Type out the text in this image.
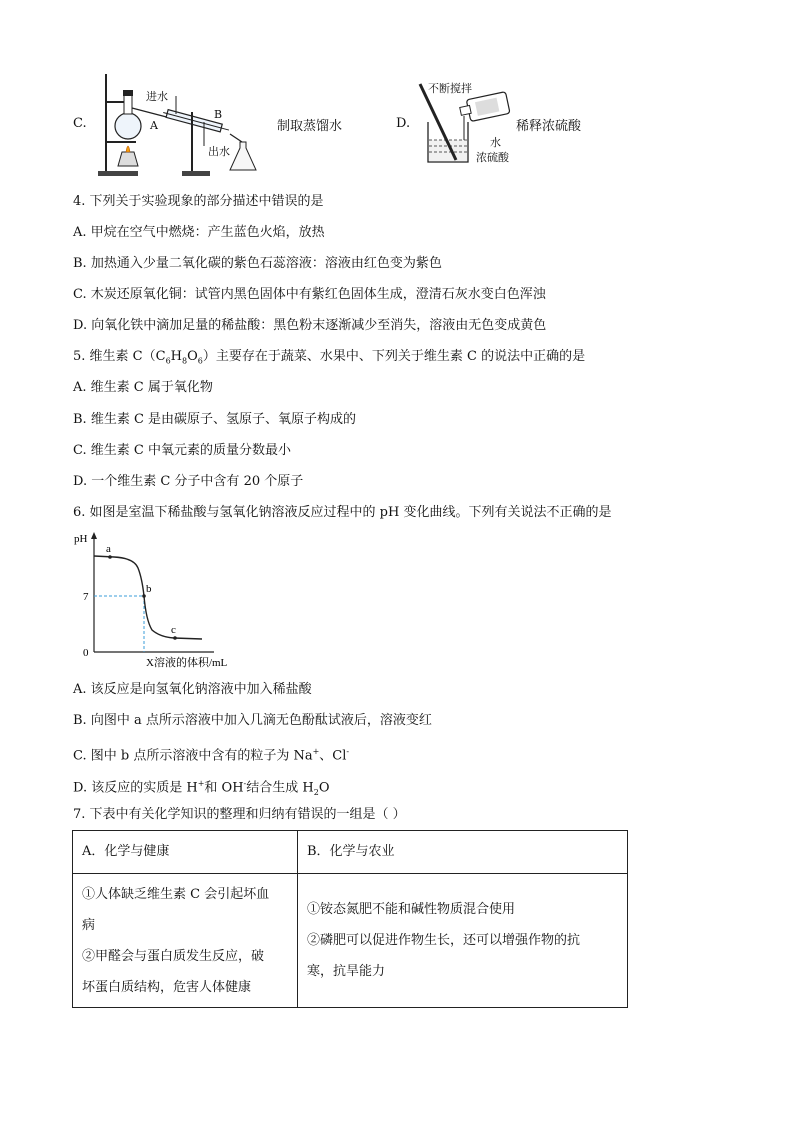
C.
进水
A
B
出水
制取蒸馏水	D.
不断搅拌
水
浓硫酸
稀释浓硫酸
4. 下列关于实验现象的部分描述中错误的是
A. 甲烷在空气中燃烧：产生蓝色火焰，放热
B. 加热通入少量二氧化碳的紫色石蕊溶液：溶液由红色变为紫色
C. 木炭还原氧化铜：试管内黑色固体中有紫红色固体生成，澄清石灰水变白色浑浊
D. 向氧化铁中滴加足量的稀盐酸：黑色粉末逐渐减少至消失，溶液由无色变成黄色
5. 维生素 $C(C_6H_8O_6)$主要存在于蔬菜、水果中、下列关于维生素 C 的说法中正确的是
A. 维生素 C 属于氧化物
B. 维生素 C 是由碳原子、氢原子、氧原子构成的
C. 维生素 C 中氧元素的质量分数最小
D. 一个维生素 C 分子中含有 20 个原子
6. 如图是室温下稀盐酸与氢氧化钠溶液反应过程中的 pH 变化曲线。下列有关说法不正确的是
pH
7
0
a
b
c
X溶液的体积/mL
A. 该反应是向氢氧化钠溶液中加入稀盐酸
B. 向图中 a 点所示溶液中加入几滴无色酚酞试液后，溶液变红
C. 图中 b 点所示溶液中含有的粒子为 Na+、Cl-
D. 该反应的实质是 H+和 OH-结合生成 $H_2O$
7. 下表中有关化学知识的整理和归纳有错误的一组是（ ）
A．化学与健康	B．化学与农业
①人体缺乏维生素 C 会引起坏血
病
②甲醛会与蛋白质发生反应，破
坏蛋白质结构，危害人体健康
①铵态氮肥不能和碱性物质混合使用
②磷肥可以促进作物生长，还可以增强作物的抗
寒，抗旱能力
